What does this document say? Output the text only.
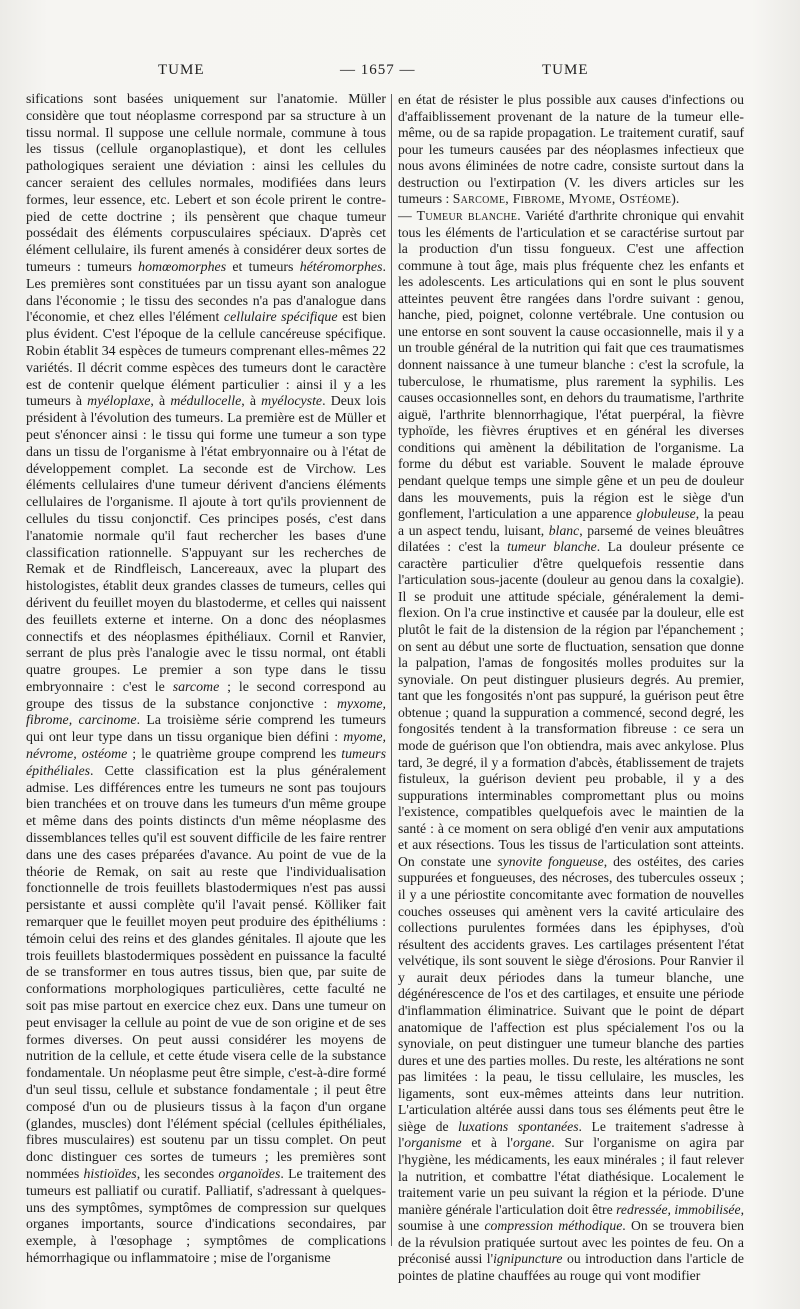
TUME	— 1657 —	TUME

sifications sont basées uniquement sur l'anatomie. Müller considère que tout néoplasme correspond par sa structure à un tissu normal. Il suppose une cellule normale, commune à tous les tissus (cellule organoplastique), et dont les cellules pathologiques seraient une déviation : ainsi les cellules du cancer seraient des cellules normales, modifiées dans leurs formes, leur essence, etc. Lebert et son école prirent le contre-pied de cette doctrine ; ils pensèrent que chaque tumeur possédait des éléments corpusculaires spéciaux. D'après cet élément cellulaire, ils furent amenés à considérer deux sortes de tumeurs : tumeurs homœomorphes et tumeurs hétéromorphes. Les premières sont constituées par un tissu ayant son analogue dans l'économie ; le tissu des secondes n'a pas d'analogue dans l'économie, et chez elles l'élément cellulaire spécifique est bien plus évident. C'est l'époque de la cellule cancéreuse spécifique. Robin établit 34 espèces de tumeurs comprenant elles-mêmes 22 variétés. Il décrit comme espèces des tumeurs dont le caractère est de contenir quelque élément particulier : ainsi il y a les tumeurs à myéloplaxe, à médullocelle, à myélocyste. Deux lois président à l'évolution des tumeurs. La première est de Müller et peut s'énoncer ainsi : le tissu qui forme une tumeur a son type dans un tissu de l'organisme à l'état embryonnaire ou à l'état de développement complet. La seconde est de Virchow. Les éléments cellulaires d'une tumeur dérivent d'anciens éléments cellulaires de l'organisme. Il ajoute à tort qu'ils proviennent de cellules du tissu conjonctif. Ces principes posés, c'est dans l'anatomie normale qu'il faut rechercher les bases d'une classification rationnelle. S'appuyant sur les recherches de Remak et de Rindfleisch, Lancereaux, avec la plupart des histologistes, établit deux grandes classes de tumeurs, celles qui dérivent du feuillet moyen du blastoderme, et celles qui naissent des feuillets externe et interne. On a donc des néoplasmes connectifs et des néoplasmes épithéliaux. Cornil et Ranvier, serrant de plus près l'analogie avec le tissu normal, ont établi quatre groupes. Le premier a son type dans le tissu embryonnaire : c'est le sarcome ; le second correspond au groupe des tissus de la substance conjonctive : myxome, fibrome, carcinome. La troisième série comprend les tumeurs qui ont leur type dans un tissu organique bien défini : myome, névrome, ostéome ; le quatrième groupe comprend les tumeurs épithéliales. Cette classification est la plus généralement admise. Les différences entre les tumeurs ne sont pas toujours bien tranchées et on trouve dans les tumeurs d'un même groupe et même dans des points distincts d'un même néoplasme des dissemblances telles qu'il est souvent difficile de les faire rentrer dans une des cases préparées d'avance. Au point de vue de la théorie de Remak, on sait au reste que l'individualisation fonctionnelle de trois feuillets blastodermiques n'est pas aussi persistante et aussi complète qu'il l'avait pensé. Kölliker fait remarquer que le feuillet moyen peut produire des épithéliums : témoin celui des reins et des glandes génitales. Il ajoute que les trois feuillets blastodermiques possèdent en puissance la faculté de se transformer en tous autres tissus, bien que, par suite de conformations morphologiques particulières, cette faculté ne soit pas mise partout en exercice chez eux. Dans une tumeur on peut envisager la cellule au point de vue de son origine et de ses formes diverses. On peut aussi considérer les moyens de nutrition de la cellule, et cette étude visera celle de la substance fondamentale. Un néoplasme peut être simple, c'est-à-dire formé d'un seul tissu, cellule et substance fondamentale ; il peut être composé d'un ou de plusieurs tissus à la façon d'un organe (glandes, muscles) dont l'élément spécial (cellules épithéliales, fibres musculaires) est soutenu par un tissu complet. On peut donc distinguer ces sortes de tumeurs ; les premières sont nommées histioïdes, les secondes organoïdes. Le traitement des tumeurs est palliatif ou curatif. Palliatif, s'adressant à quelques-uns des symptômes, symptômes de compression sur quelques organes importants, source d'indications secondaires, par exemple, à l'œsophage ; symptômes de complications hémorrhagique ou inflammatoire ; mise de l'organisme

en état de résister le plus possible aux causes d'infections ou d'affaiblissement provenant de la nature de la tumeur elle-même, ou de sa rapide propagation. Le traitement curatif, sauf pour les tumeurs causées par des néoplasmes infectieux que nous avons éliminées de notre cadre, consiste surtout dans la destruction ou l'extirpation (V. les divers articles sur les tumeurs : Sarcome, Fibrome, Myome, Ostéome).

— Tumeur blanche. Variété d'arthrite chronique qui envahit tous les éléments de l'articulation et se caractérise surtout par la production d'un tissu fongueux. C'est une affection commune à tout âge, mais plus fréquente chez les enfants et les adolescents. Les articulations qui en sont le plus souvent atteintes peuvent être rangées dans l'ordre suivant : genou, hanche, pied, poignet, colonne vertébrale. Une contusion ou une entorse en sont souvent la cause occasionnelle, mais il y a un trouble général de la nutrition qui fait que ces traumatismes donnent naissance à une tumeur blanche : c'est la scrofule, la tuberculose, le rhumatisme, plus rarement la syphilis. Les causes occasionnelles sont, en dehors du traumatisme, l'arthrite aiguë, l'arthrite blennorrhagique, l'état puerpéral, la fièvre typhoïde, les fièvres éruptives et en général les diverses conditions qui amènent la débilitation de l'organisme. La forme du début est variable. Souvent le malade éprouve pendant quelque temps une simple gêne et un peu de douleur dans les mouvements, puis la région est le siège d'un gonflement, l'articulation a une apparence globuleuse, la peau a un aspect tendu, luisant, blanc, parsemé de veines bleuâtres dilatées : c'est la tumeur blanche. La douleur présente ce caractère particulier d'être quelquefois ressentie dans l'articulation sous-jacente (douleur au genou dans la coxalgie). Il se produit une attitude spéciale, généralement la demi-flexion. On l'a crue instinctive et causée par la douleur, elle est plutôt le fait de la distension de la région par l'épanchement ; on sent au début une sorte de fluctuation, sensation que donne la palpation, l'amas de fongosités molles produites sur la synoviale. On peut distinguer plusieurs degrés. Au premier, tant que les fongosités n'ont pas suppuré, la guérison peut être obtenue ; quand la suppuration a commencé, second degré, les fongosités tendent à la transformation fibreuse : ce sera un mode de guérison que l'on obtiendra, mais avec ankylose. Plus tard, 3e degré, il y a formation d'abcès, établissement de trajets fistuleux, la guérison devient peu probable, il y a des suppurations interminables compromettant plus ou moins l'existence, compatibles quelquefois avec le maintien de la santé : à ce moment on sera obligé d'en venir aux amputations et aux résections. Tous les tissus de l'articulation sont atteints. On constate une synovite fongueuse, des ostéites, des caries suppurées et fongueuses, des nécroses, des tubercules osseux ; il y a une périostite concomitante avec formation de nouvelles couches osseuses qui amènent vers la cavité articulaire des collections purulentes formées dans les épiphyses, d'où résultent des accidents graves. Les cartilages présentent l'état velvétique, ils sont souvent le siège d'érosions. Pour Ranvier il y aurait deux périodes dans la tumeur blanche, une dégénérescence de l'os et des cartilages, et ensuite une période d'inflammation éliminatrice. Suivant que le point de départ anatomique de l'affection est plus spécialement l'os ou la synoviale, on peut distinguer une tumeur blanche des parties dures et une des parties molles. Du reste, les altérations ne sont pas limitées : la peau, le tissu cellulaire, les muscles, les ligaments, sont eux-mêmes atteints dans leur nutrition. L'articulation altérée aussi dans tous ses éléments peut être le siège de luxations spontanées. Le traitement s'adresse à l'organisme et à l'organe. Sur l'organisme on agira par l'hygiène, les médicaments, les eaux minérales ; il faut relever la nutrition, et combattre l'état diathésique. Localement le traitement varie un peu suivant la région et la période. D'une manière générale l'articulation doit être redressée, immobilisée, soumise à une compression méthodique. On se trouvera bien de la révulsion pratiquée surtout avec les pointes de feu. On a préconisé aussi l'ignipuncture ou introduction dans l'article de pointes de platine chauffées au rouge qui vont modifier
